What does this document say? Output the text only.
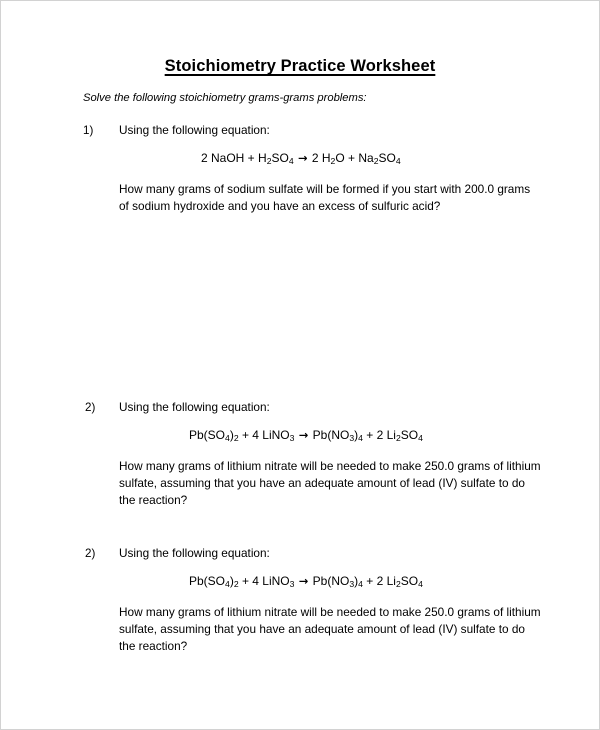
Stoichiometry Practice Worksheet
Solve the following stoichiometry grams-grams problems:
1) Using the following equation:
2 NaOH + $H_2SO_4 \to 2$ $H_2O + Na_2SO_4$
How many grams of sodium sulfate will be formed if you start with 200.0 grams of sodium hydroxide and you have an excess of sulfuric acid?
2) Using the following equation:
$Pb(SO_4)_2 + 4$ LiNO$_3$ → $Pb(NO_3)_4 + 2$ $Li_2SO_4$
How many grams of lithium nitrate will be needed to make 250.0 grams of lithium sulfate, assuming that you have an adequate amount of lead (IV) sulfate to do the reaction?
2) Using the following equation:
$Pb(SO_4)_2 + 4$ LiNO$_3$ → $Pb(NO_3)_4 + 2$ $Li_2SO_4$
How many grams of lithium nitrate will be needed to make 250.0 grams of lithium sulfate, assuming that you have an adequate amount of lead (IV) sulfate to do the reaction?
